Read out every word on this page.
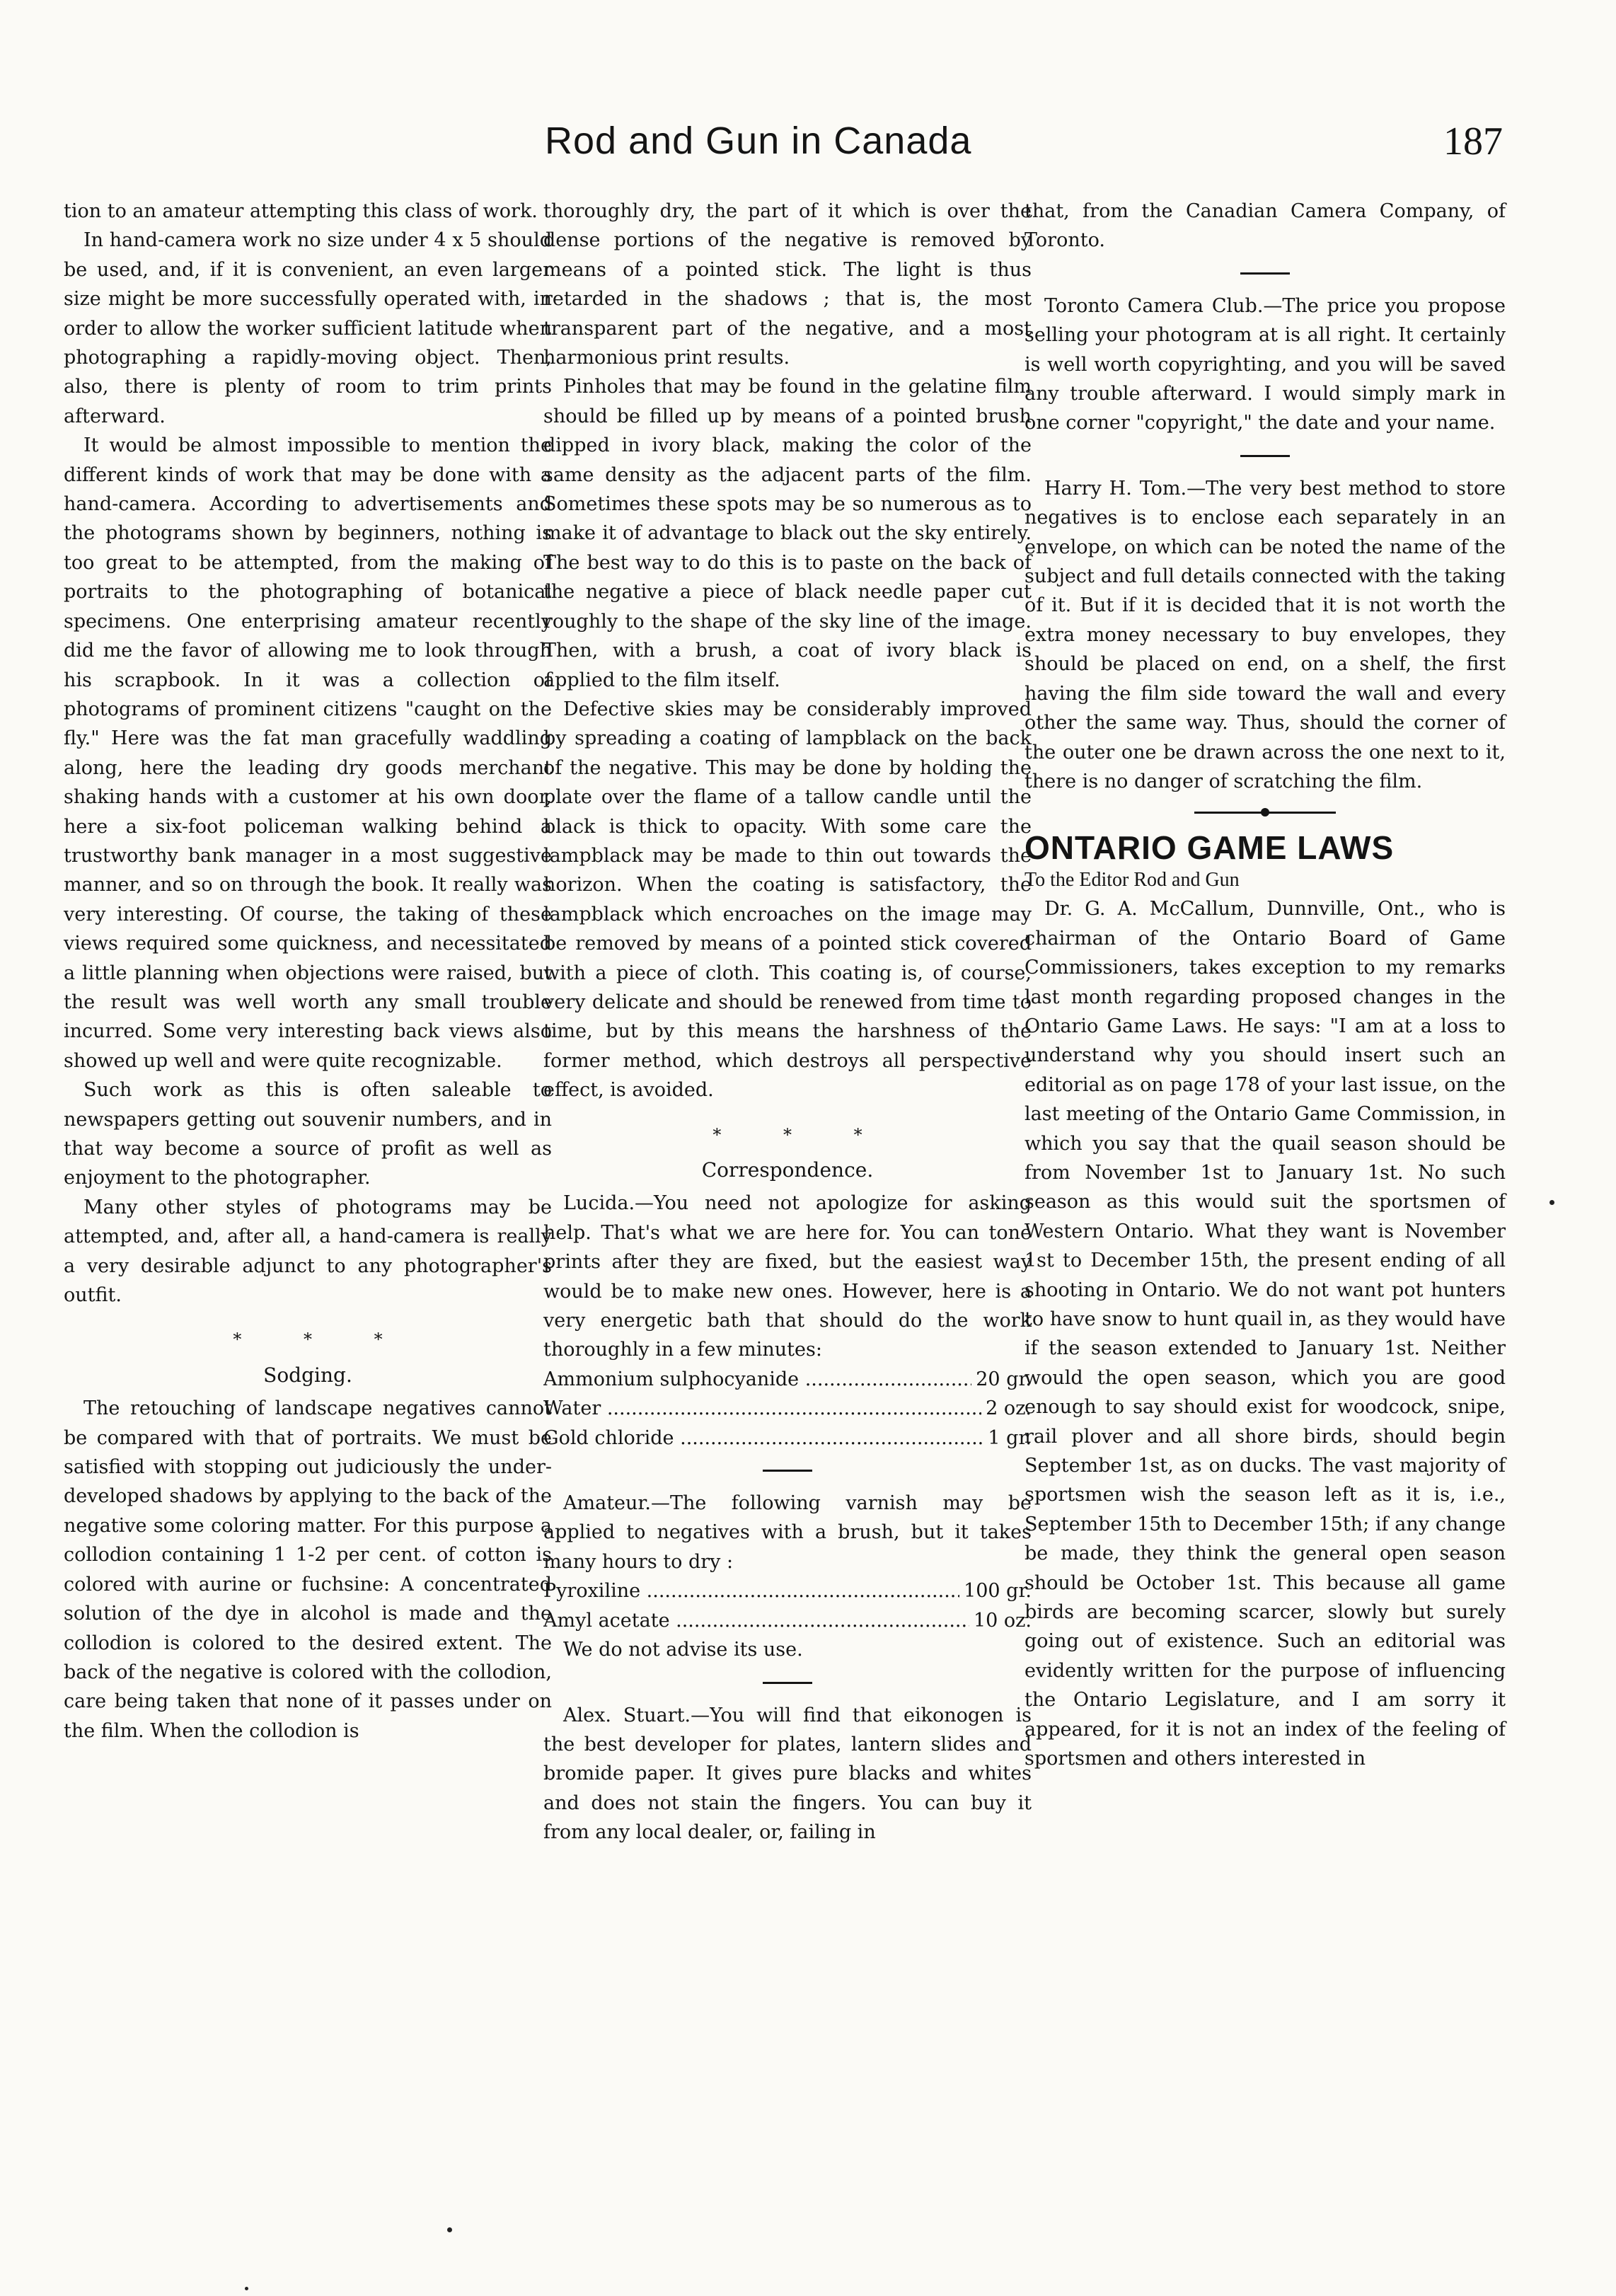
Rod and Gun in Canada	187

tion to an amateur attempting this class of work.

In hand-camera work no size under 4 x 5 should be used, and, if it is convenient, an even larger size might be more successfully operated with, in order to allow the worker sufficient latitude when photographing a rapidly-moving object. Then, also, there is plenty of room to trim prints afterward.

It would be almost impossible to mention the different kinds of work that may be done with a hand-camera. According to advertisements and the photograms shown by beginners, nothing is too great to be attempted, from the making of portraits to the photographing of botanical specimens. One enterprising amateur recently did me the favor of allowing me to look through his scrapbook. In it was a collection of photograms of prominent citizens "caught on the fly." Here was the fat man gracefully waddling along, here the leading dry goods merchant shaking hands with a customer at his own door, here a six-foot policeman walking behind a trustworthy bank manager in a most suggestive manner, and so on through the book. It really was very interesting. Of course, the taking of these views required some quickness, and necessitated a little planning when objections were raised, but the result was well worth any small trouble incurred. Some very interesting back views also showed up well and were quite recognizable.

Such work as this is often saleable to newspapers getting out souvenir numbers, and in that way become a source of profit as well as enjoyment to the photographer.

Many other styles of photograms may be attempted, and, after all, a hand-camera is really a very desirable adjunct to any photographer's outfit.

* * *
Sodging.

The retouching of landscape negatives cannot be compared with that of portraits. We must be satisfied with stopping out judiciously the under-developed shadows by applying to the back of the negative some coloring matter. For this purpose a collodion containing 1 1-2 per cent. of cotton is colored with aurine or fuchsine: A concentrated solution of the dye in alcohol is made and the collodion is colored to the desired extent. The back of the negative is colored with the collodion, care being taken that none of it passes under on the film. When the collodion is

thoroughly dry, the part of it which is over the dense portions of the negative is removed by means of a pointed stick. The light is thus retarded in the shadows ; that is, the most transparent part of the negative, and a most harmonious print results.

Pinholes that may be found in the gelatine film should be filled up by means of a pointed brush dipped in ivory black, making the color of the same density as the adjacent parts of the film. Sometimes these spots may be so numerous as to make it of advantage to black out the sky entirely. The best way to do this is to paste on the back of the negative a piece of black needle paper cut roughly to the shape of the sky line of the image. Then, with a brush, a coat of ivory black is applied to the film itself.

Defective skies may be considerably improved by spreading a coating of lampblack on the back of the negative. This may be done by holding the plate over the flame of a tallow candle until the black is thick to opacity. With some care the lampblack may be made to thin out towards the horizon. When the coating is satisfactory, the lampblack which encroaches on the image may be removed by means of a pointed stick covered with a piece of cloth. This coating is, of course, very delicate and should be renewed from time to time, but by this means the harshness of the former method, which destroys all perspective effect, is avoided.

* * *
Correspondence.

Lucida.—You need not apologize for asking help. That's what we are here for. You can tone prints after they are fixed, but the easiest way would be to make new ones. However, here is a very energetic bath that should do the work thoroughly in a few minutes:

Ammonium sulphocyanide .....	20 gr.
Water .....	2 oz.
Gold chloride .....	1 gr.

Amateur.—The following varnish may be applied to negatives with a brush, but it takes many hours to dry :

Pyroxiline .....	100 gr.
Amyl acetate .....	10 oz.

We do not advise its use.

Alex. Stuart.—You will find that eikonogen is the best developer for plates, lantern slides and bromide paper. It gives pure blacks and whites and does not stain the fingers. You can buy it from any local dealer, or, failing in

that, from the Canadian Camera Company, of Toronto.

Toronto Camera Club.—The price you propose selling your photogram at is all right. It certainly is well worth copyrighting, and you will be saved any trouble afterward. I would simply mark in one corner "copyright," the date and your name.

Harry H. Tom.—The very best method to store negatives is to enclose each separately in an envelope, on which can be noted the name of the subject and full details connected with the taking of it. But if it is decided that it is not worth the extra money necessary to buy envelopes, they should be placed on end, on a shelf, the first having the film side toward the wall and every other the same way. Thus, should the corner of the outer one be drawn across the one next to it, there is no danger of scratching the film.

ONTARIO GAME LAWS
To the Editor Rod and Gun

Dr. G. A. McCallum, Dunnville, Ont., who is chairman of the Ontario Board of Game Commissioners, takes exception to my remarks last month regarding proposed changes in the Ontario Game Laws. He says: "I am at a loss to understand why you should insert such an editorial as on page 178 of your last issue, on the last meeting of the Ontario Game Commission, in which you say that the quail season should be from November 1st to January 1st. No such season as this would suit the sportsmen of Western Ontario. What they want is November 1st to December 15th, the present ending of all shooting in Ontario. We do not want pot hunters to have snow to hunt quail in, as they would have if the season extended to January 1st. Neither would the open season, which you are good enough to say should exist for woodcock, snipe, rail plover and all shore birds, should begin September 1st, as on ducks. The vast majority of sportsmen wish the season left as it is, i.e., September 15th to December 15th; if any change be made, they think the general open season should be October 1st. This because all game birds are becoming scarcer, slowly but surely going out of existence. Such an editorial was evidently written for the purpose of influencing the Ontario Legislature, and I am sorry it appeared, for it is not an index of the feeling of sportsmen and others interested in
